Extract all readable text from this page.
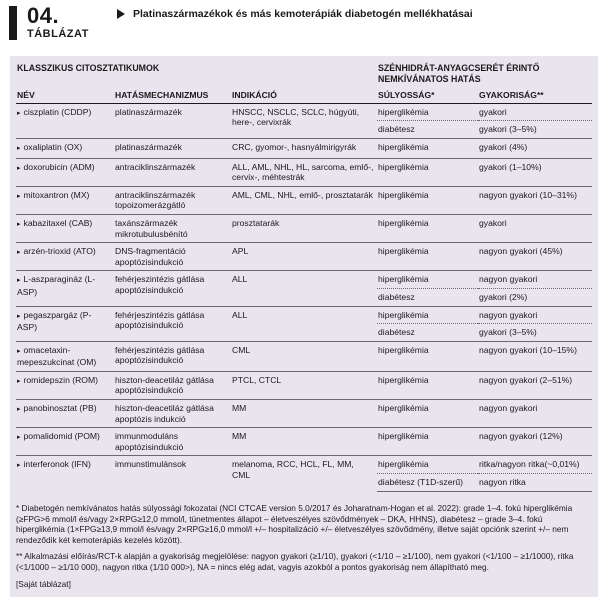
04.
TÁBLÁZAT
Platinaszármazékok és más kemoterápiák diabetogén mellékhatásai
KLASSZIKUS CITOSZTATIKUMOK			SZÉNHIDRÁT-ANYAGCSERÉT ÉRINTŐ NEMKÍVÁNATOS HATÁS	
NÉV	HATÁSMECHANIZMUS	INDIKÁCIÓ	SÚLYOSSÁG*	GYAKORISÁG**
▸ ciszplatin (CDDP)	platinaszármazék	HNSCC, NSCLC, SCLC, húgyúti, here-, cervixrák	hiperglikémia	gyakori
			diabétesz	gyakori (3–5%)
▸ oxaliplatin (OX)	platinaszármazék	CRC, gyomor-, hasnyálmirigyrák	hiperglikémia	gyakori (4%)
▸ doxorubicin (ADM)	antraciklinszármazék	ALL, AML, NHL, HL, sarcoma, emlő-, cervix-, méhtestrák	hiperglikémia	gyakori (1–10%)
▸ mitoxantron (MX)	antraciklinszármazék topoizomerázgátló	AML, CML, NHL, emlő-, prosztatarák	hiperglikémia	nagyon gyakori (10–31%)
▸ kabazitaxel (CAB)	taxánszármazék mikrotubulusbénító	prosztatarák	hiperglikémia	gyakori
▸ arzén-trioxid (ATO)	DNS-fragmentáció apoptózisindukció	APL	hiperglikémia	nagyon gyakori (45%)
▸ L-aszparagináz (L-ASP)	fehérjeszintézis gátlása apoptózisindukció	ALL	hiperglikémia	nagyon gyakori
			diabétesz	gyakori (2%)
▸ pegaszpargáz (P-ASP)	fehérjeszintézis gátlása apoptózisindukció	ALL	hiperglikémia	nagyon gyakori
			diabétesz	gyakori (3–5%)
▸ omacetaxin-mepeszukcinat (OM)	fehérjeszintézis gátlása apoptózisindukció	CML	hiperglikémia	nagyon gyakori (10–15%)
▸ romidepszin (ROM)	hiszton-deacetiláz gátlása apoptózisindukció	PTCL, CTCL	hiperglikémia	nagyon gyakori (2–51%)
▸ panobinosztat (PB)	hiszton-deacetiláz gátlása apoptózis indukció	MM	hiperglikémia	nagyon gyakori
▸ pomalidomid (POM)	immunmoduláns apoptózisindukció	MM	hiperglikémia	nagyon gyakori (12%)
▸ interferonok (IFN)	immunstimulánsok	melanoma, RCC, HCL, FL, MM, CML	hiperglikémia	ritka/nagyon ritka(~0,01%)
			diabétesz (T1D-szerű)	nagyon ritka

* Diabetogén nemkívánatos hatás súlyossági fokozatai (NCI CTCAE version 5.0/2017 és Joharatnam-Hogan et al. 2022): grade 1–4. fokú hiperglikémia (≥FPG>6 mmol/l és/vagy 2×RPG≥12,0 mmol/l, tünetmentes állapot – életveszélyes szövődmények – DKA, HHNS), diabétesz – grade 3–4. fokú hiperglikémia (1×FPG≥13,9 mmol/l és/vagy 2×RPG≥16,0 mmol/l +/– hospitalizáció +/– életveszélyes szövődmény, illetve saját opciónk szerint +/– nem rendeződik két kemoterápiás kezelés között).

** Alkalmazási előírás/RCT-k alapján a gyakoriság megjelölése: nagyon gyakori (≥1/10), gyakori (<1/10 – ≥1/100), nem gyakori (<1/100 – ≥1/1000), ritka (<1/1000 – ≥1/10 000), nagyon ritka (1/10 000>), NA = nincs elég adat, vagyis azokból a pontos gyakoriság nem állapítható meg.

[Saját táblázat]
